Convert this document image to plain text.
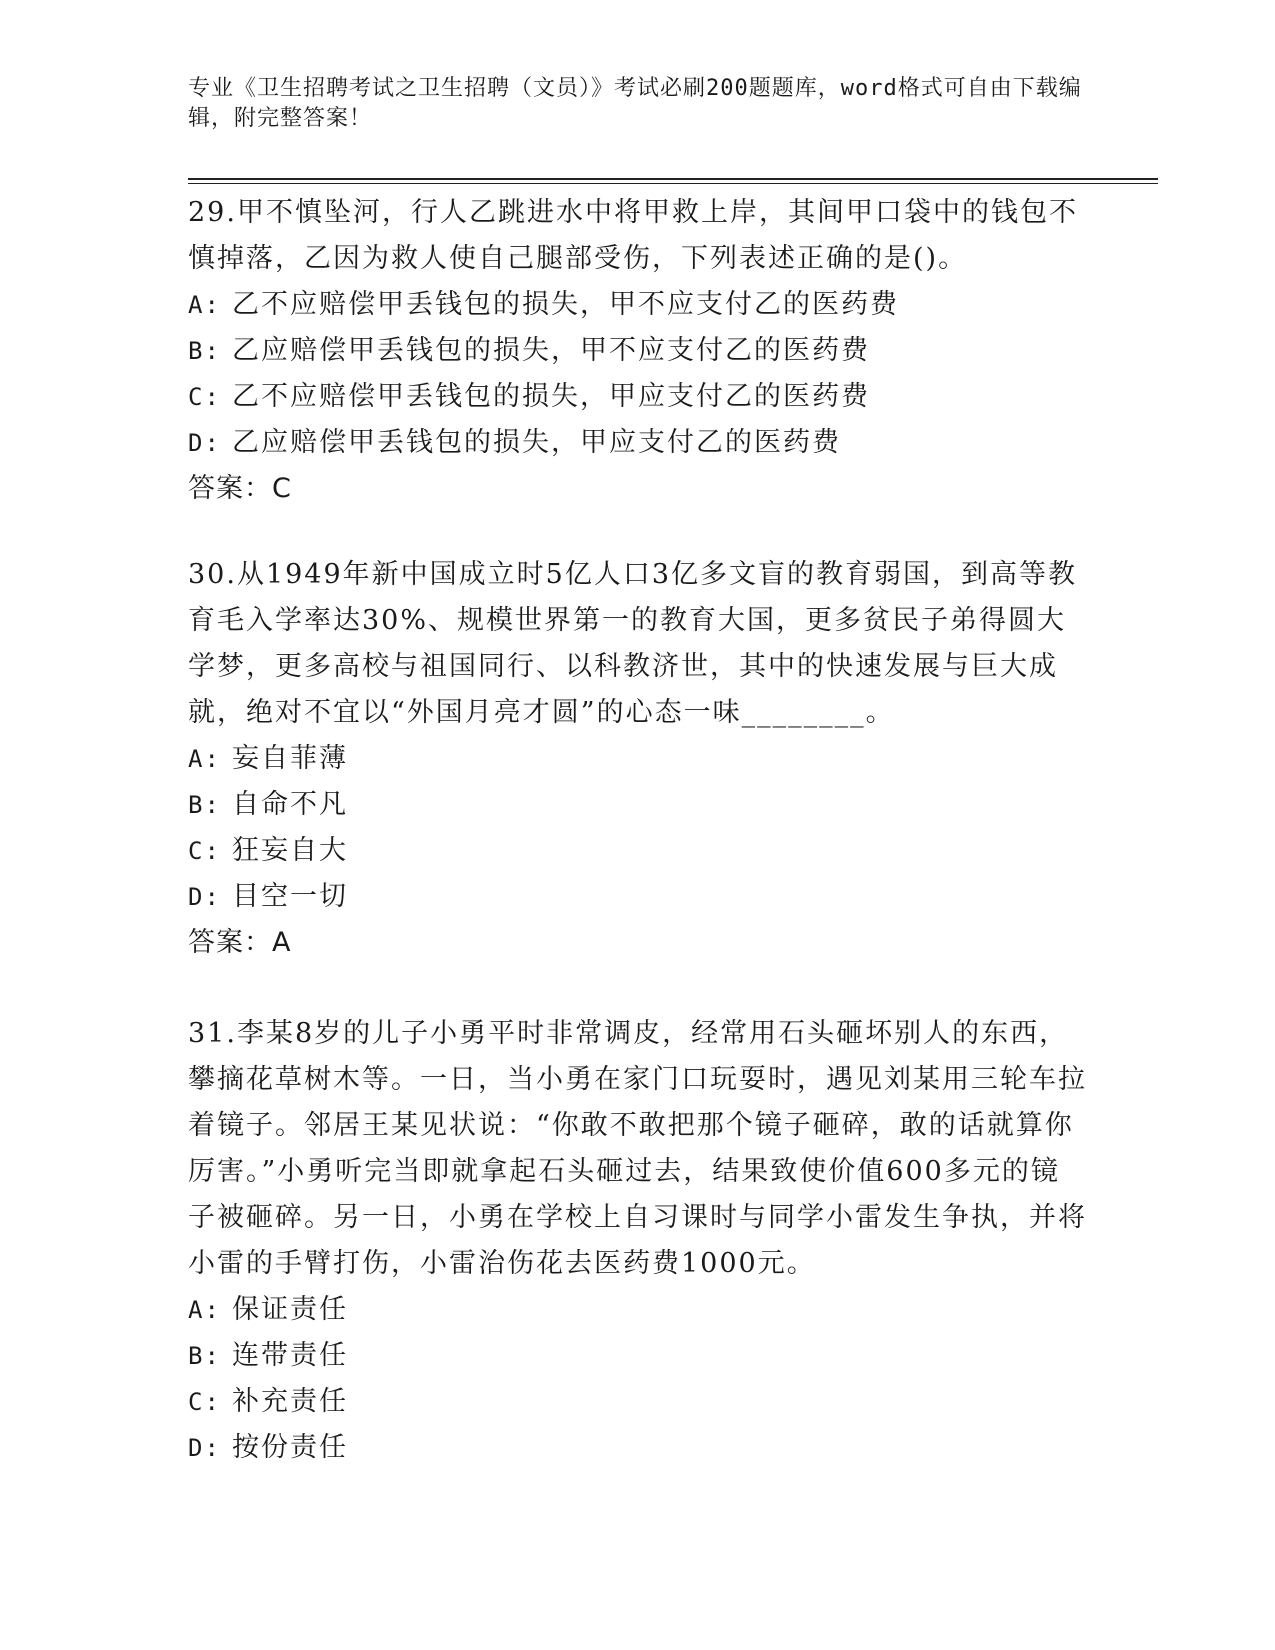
专业《卫生招聘考试之卫生招聘（文员）》考试必刷200题题库，word格式可自由下载编辑，附完整答案！

29.甲不慎坠河，行人乙跳进水中将甲救上岸，其间甲口袋中的钱包不慎掉落，乙因为救人使自己腿部受伤，下列表述正确的是()。

A: 乙不应赔偿甲丢钱包的损失，甲不应支付乙的医药费
B: 乙应赔偿甲丢钱包的损失，甲不应支付乙的医药费
C: 乙不应赔偿甲丢钱包的损失，甲应支付乙的医药费
D: 乙应赔偿甲丢钱包的损失，甲应支付乙的医药费

答案：C

30.从1949年新中国成立时5亿人口3亿多文盲的教育弱国，到高等教育毛入学率达30%、规模世界第一的教育大国，更多贫民子弟得圆大学梦，更多高校与祖国同行、以科教济世，其中的快速发展与巨大成就，绝对不宜以“外国月亮才圆”的心态一味________。

A: 妄自菲薄
B: 自命不凡
C: 狂妄自大
D: 目空一切

答案：A

31.李某8岁的儿子小勇平时非常调皮，经常用石头砸坏别人的东西，攀摘花草树木等。一日，当小勇在家门口玩耍时，遇见刘某用三轮车拉着镜子。邻居王某见状说：“你敢不敢把那个镜子砸碎，敢的话就算你厉害。”小勇听完当即就拿起石头砸过去，结果致使价值600多元的镜子被砸碎。另一日，小勇在学校上自习课时与同学小雷发生争执，并将小雷的手臂打伤，小雷治伤花去医药费1000元。

A: 保证责任
B: 连带责任
C: 补充责任
D: 按份责任
